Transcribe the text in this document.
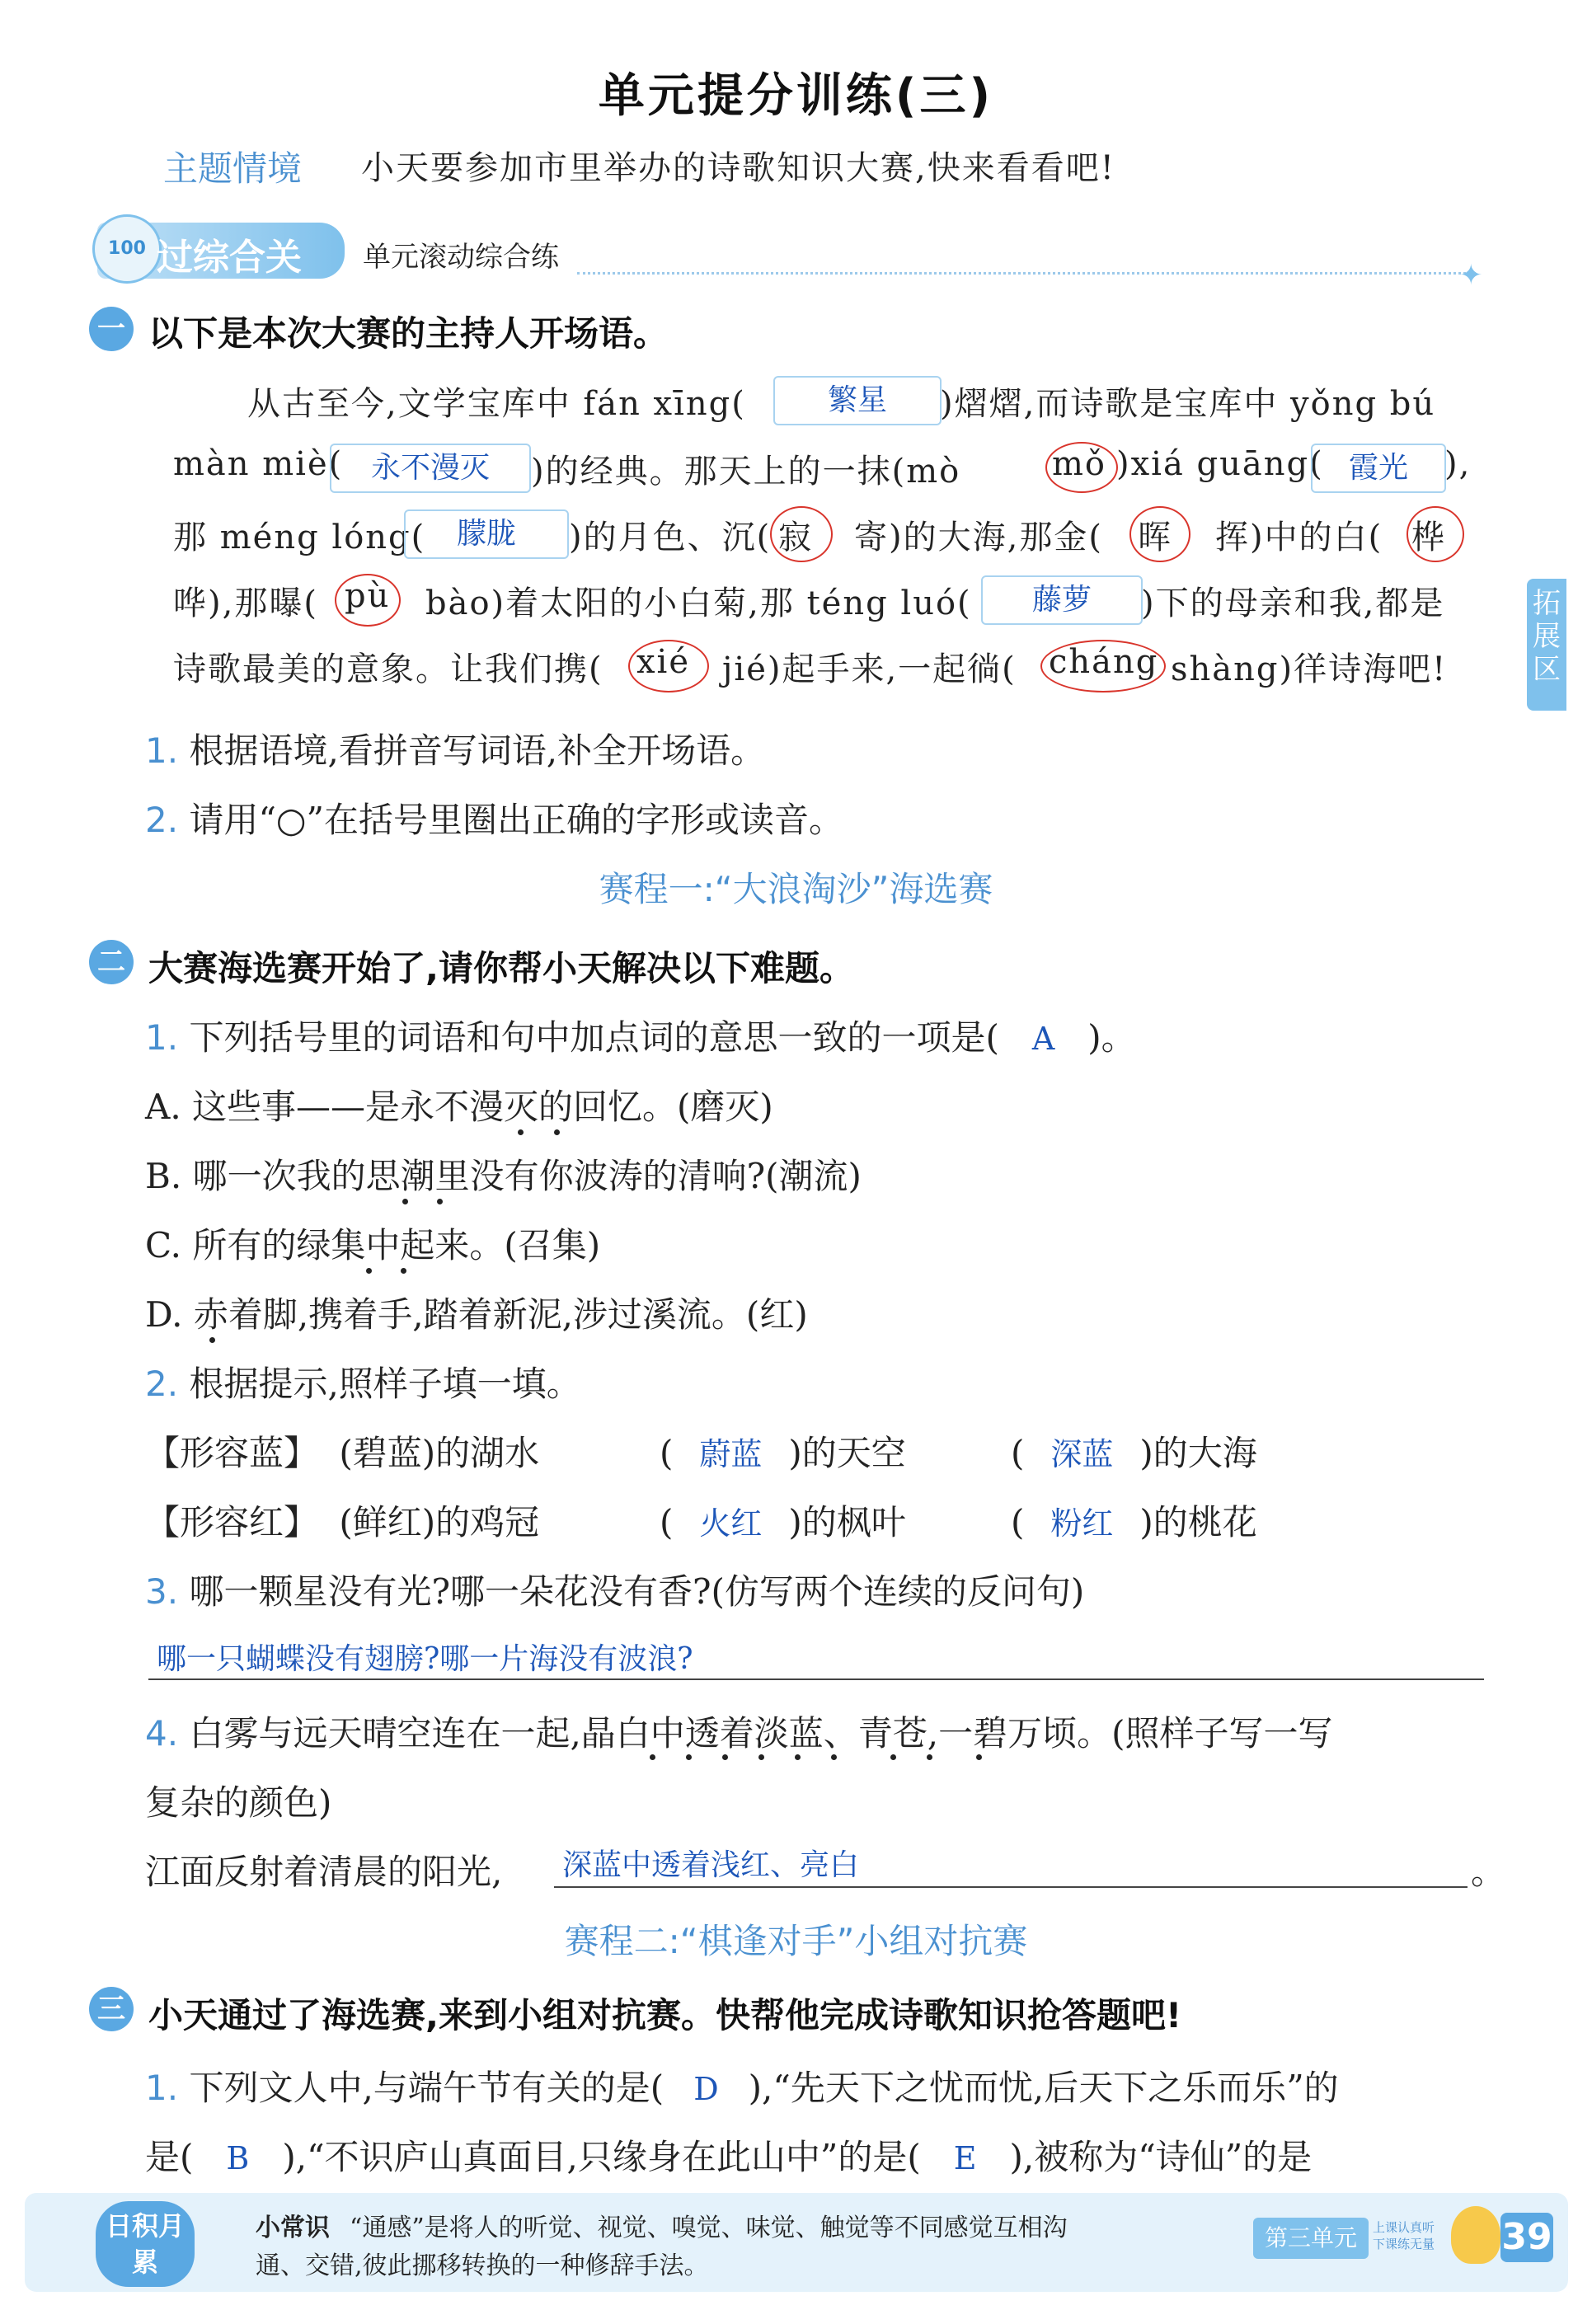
单元提分训练(三)
主题情境 小天要参加市里举办的诗歌知识大赛,快来看看吧!
100 过综合关 单元滚动综合练
✦
拓展区
一 以下是本次大赛的主持人开场语。
从古至今,文学宝库中 fán xīng(	繁星	)熠熠,而诗歌是宝库中 yǒng bú
màn miè( 永不漫灭	)的经典。那天上的一抹(mò	mǒ )xiá guāng( 霞光	),
那 méng lóng(	朦胧	)的月色、沉( 寂 寄)的大海,那金( 晖 挥)中的白( 桦
哗),那曝( pù bào)着太阳的小白菊,那 téng luó(	藤萝	)下的母亲和我,都是
诗歌最美的意象。让我们携( xié jié)起手来,一起徜( cháng shàng)徉诗海吧!
1. 根据语境,看拼音写词语,补全开场语。
2. 请用“○”在括号里圈出正确的字形或读音。
赛程一:“大浪淘沙”海选赛
二 大赛海选赛开始了,请你帮小天解决以下难题。
1. 下列括号里的词语和句中加点词的意思一致的一项是( A )。
A. 这些事——是永不漫灭的回忆。(磨灭)
B. 哪一次我的思潮里没有你波涛的清响?(潮流)
C. 所有的绿集中起来。(召集)
D. 赤着脚,携着手,踏着新泥,涉过溪流。(红)
2. 根据提示,照样子填一填。
【形容蓝】 (碧蓝)的湖水	( 蔚蓝 )的天空	( 深蓝 )的大海
【形容红】 (鲜红)的鸡冠	( 火红 )的枫叶	( 粉红 )的桃花
3. 哪一颗星没有光?哪一朵花没有香?(仿写两个连续的反问句)
哪一只蝴蝶没有翅膀?哪一片海没有波浪?
4. 白雾与远天晴空连在一起,晶白中透着淡蓝、青苍,一碧万顷。(照样子写一写
复杂的颜色)
江面反射着清晨的阳光, 深蓝中透着浅红、亮白	。
赛程二:“棋逢对手”小组对抗赛
三 小天通过了海选赛,来到小组对抗赛。快帮他完成诗歌知识抢答题吧!
1. 下列文人中,与端午节有关的是( D ),“先天下之忧而忧,后天下之乐而乐”的
是( B ),“不识庐山真面目,只缘身在此山中”的是( E ),被称为“诗仙”的是
日积月累
小常识 “通感”是将人的听觉、视觉、嗅觉、味觉、触觉等不同感觉互相沟
通、交错,彼此挪移转换的一种修辞手法。
第三单元	上课认真听
下课练无量 39
